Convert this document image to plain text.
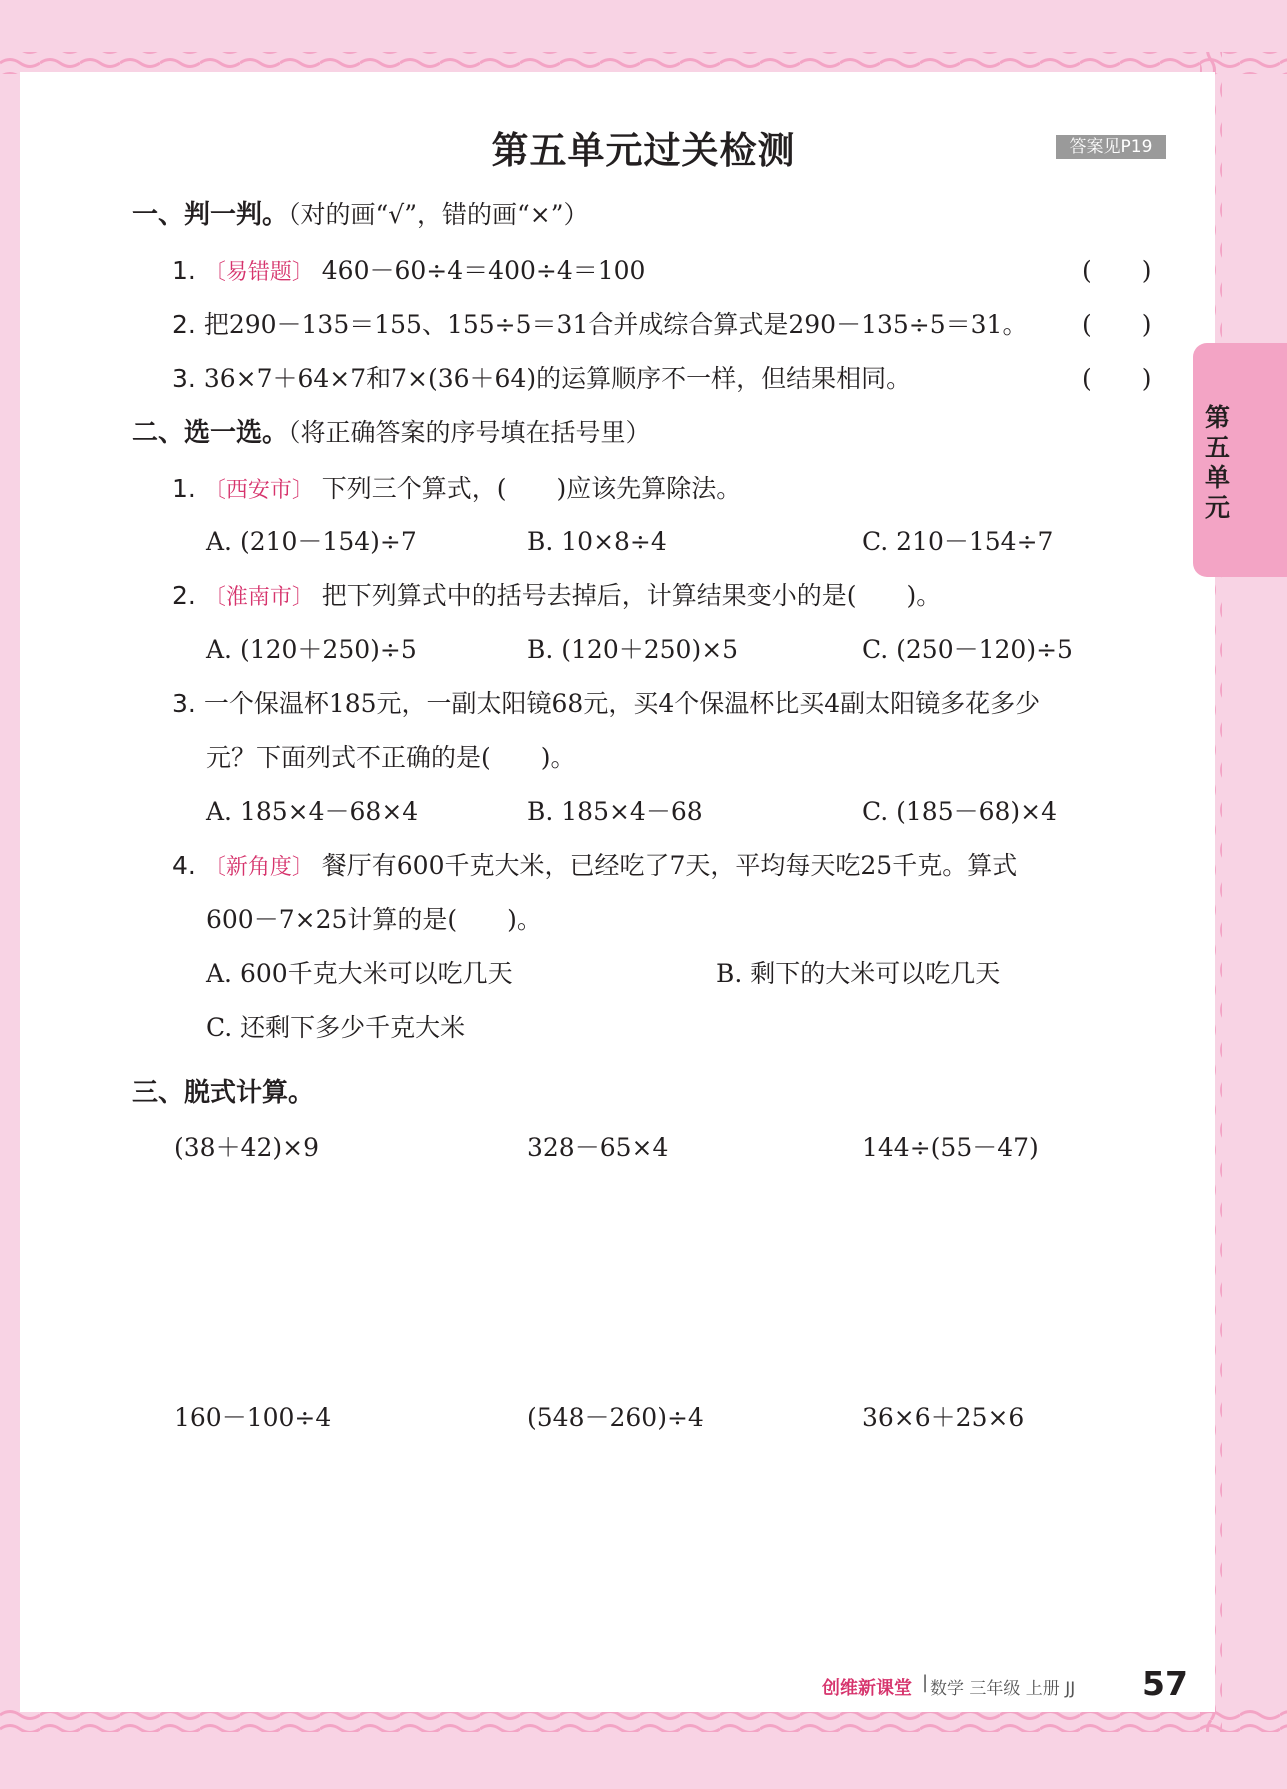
第五单元过关检测	答案见P19
第五单元
一、判一判。（对的画“√”，错的画“×”）
1. 〔易错题〕 460－60÷4＝400÷4＝100	(　　)
2. 把290－135＝155、155÷5＝31合并成综合算式是290－135÷5＝31。 (　　)
3. 36×7＋64×7和7×(36＋64)的运算顺序不一样，但结果相同。	(　　)
二、选一选。（将正确答案的序号填在括号里）
1. 〔西安市〕 下列三个算式，(　　)应该先算除法。
A. (210－154)÷7	B. 10×8÷4	C. 210－154÷7
2. 〔淮南市〕 把下列算式中的括号去掉后，计算结果变小的是(　　)。
A. (120＋250)÷5	B. (120＋250)×5	C. (250－120)÷5
3. 一个保温杯185元，一副太阳镜68元，买4个保温杯比买4副太阳镜多花多少
元？下面列式不正确的是(　　)。
A. 185×4－68×4	B. 185×4－68	C. (185－68)×4
4. 〔新角度〕 餐厅有600千克大米，已经吃了7天，平均每天吃25千克。算式
600－7×25计算的是(　　)。
A. 600千克大米可以吃几天	B. 剩下的大米可以吃几天
C. 还剩下多少千克大米
三、脱式计算。
(38＋42)×9	328－65×4	144÷(55－47)
160－100÷4	(548－260)÷4	36×6＋25×6
创维新课堂 | 数学 三年级 上册 JJ 57
